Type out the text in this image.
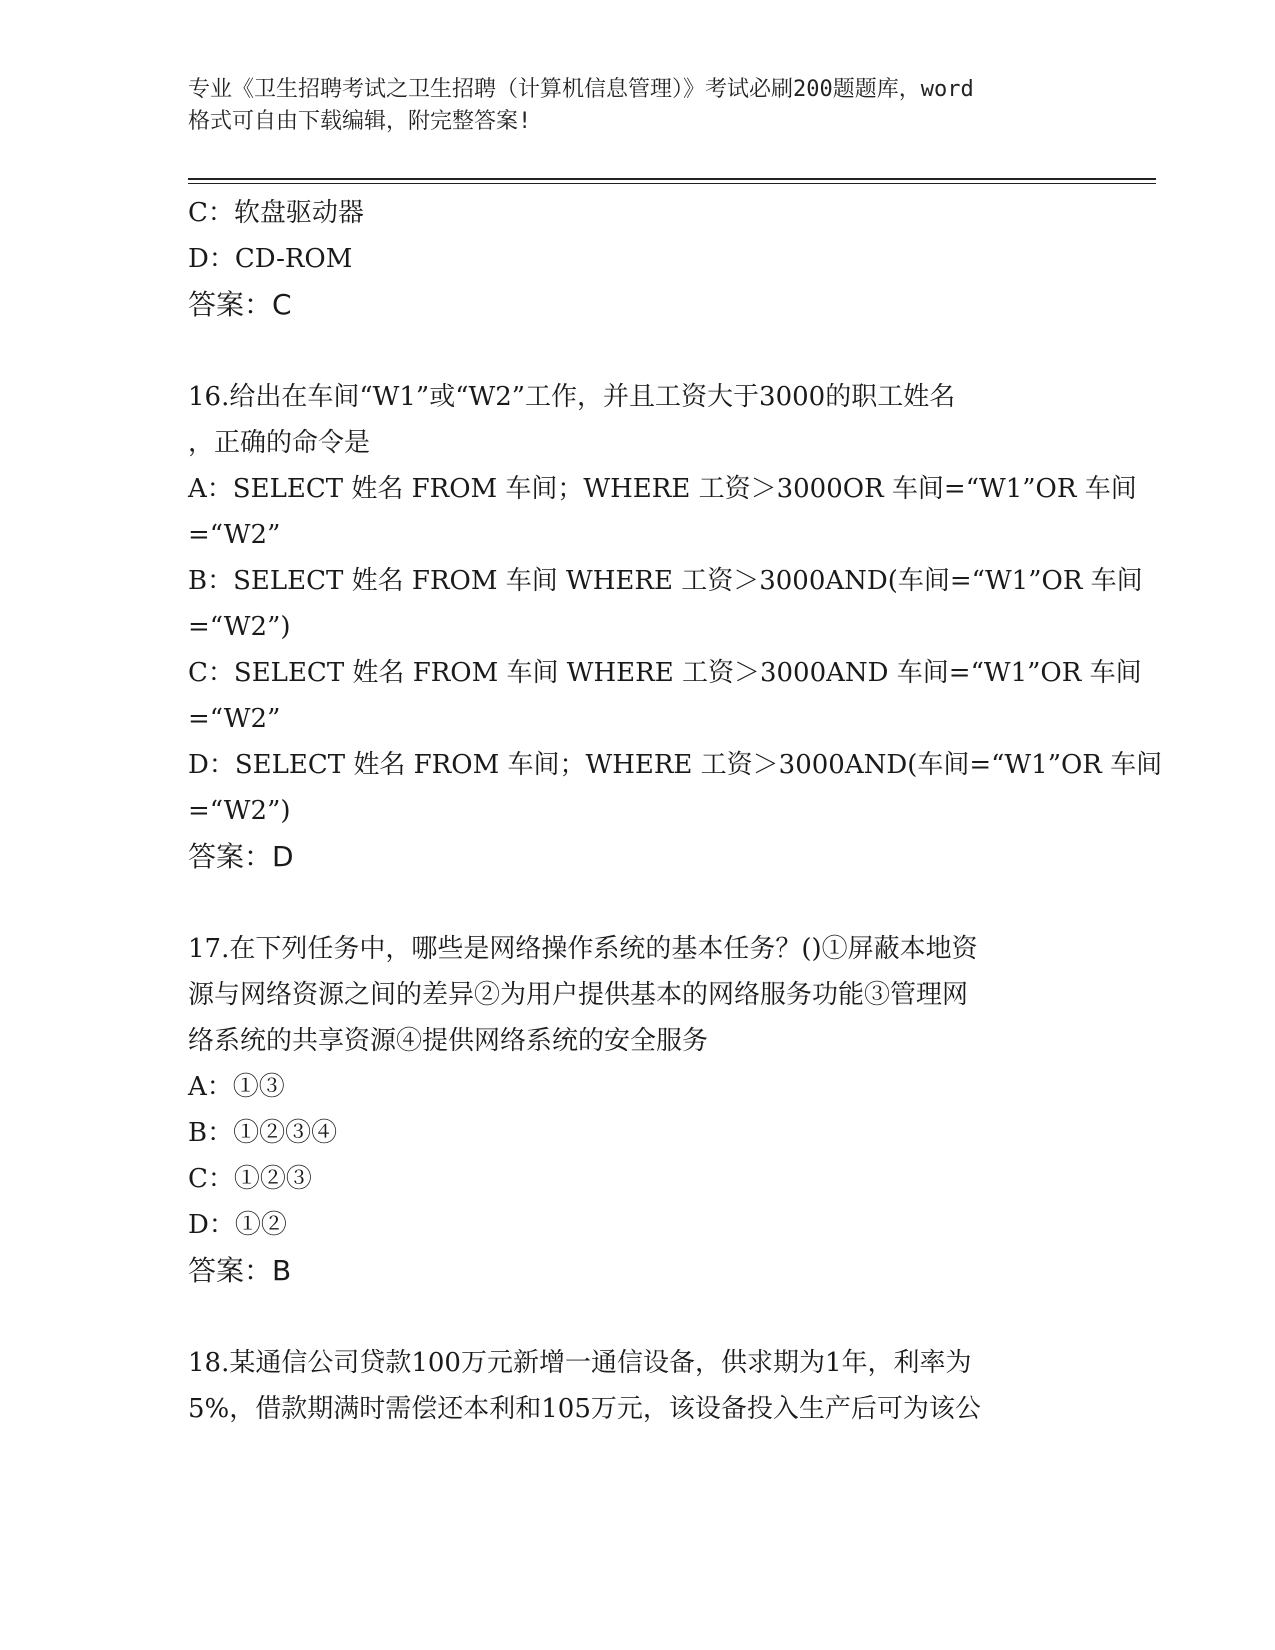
专业《卫生招聘考试之卫生招聘（计算机信息管理）》考试必刷200题题库，word
格式可自由下载编辑，附完整答案!
C：软盘驱动器
D：CD-ROM
答案：C
16.给出在车间“W1”或“W2”工作，并且工资大于3000的职工姓名
，正确的命令是
A：SELECT 姓名 FROM 车间；WHERE 工资＞3000OR 车间=“W1”OR 车间
=“W2”
B：SELECT 姓名 FROM 车间 WHERE 工资＞3000AND(车间=“W1”OR 车间
=“W2”)
C：SELECT 姓名 FROM 车间 WHERE 工资＞3000AND 车间=“W1”OR 车间
=“W2”
D：SELECT 姓名 FROM 车间；WHERE 工资＞3000AND(车间=“W1”OR 车间
=“W2”)
答案：D
17.在下列任务中，哪些是网络操作系统的基本任务？()①屏蔽本地资
源与网络资源之间的差异②为用户提供基本的网络服务功能③管理网
络系统的共享资源④提供网络系统的安全服务
A：①③
B：①②③④
C：①②③
D：①②
答案：B
18.某通信公司贷款100万元新增一通信设备，供求期为1年，利率为
5%，借款期满时需偿还本利和105万元，该设备投入生产后可为该公
